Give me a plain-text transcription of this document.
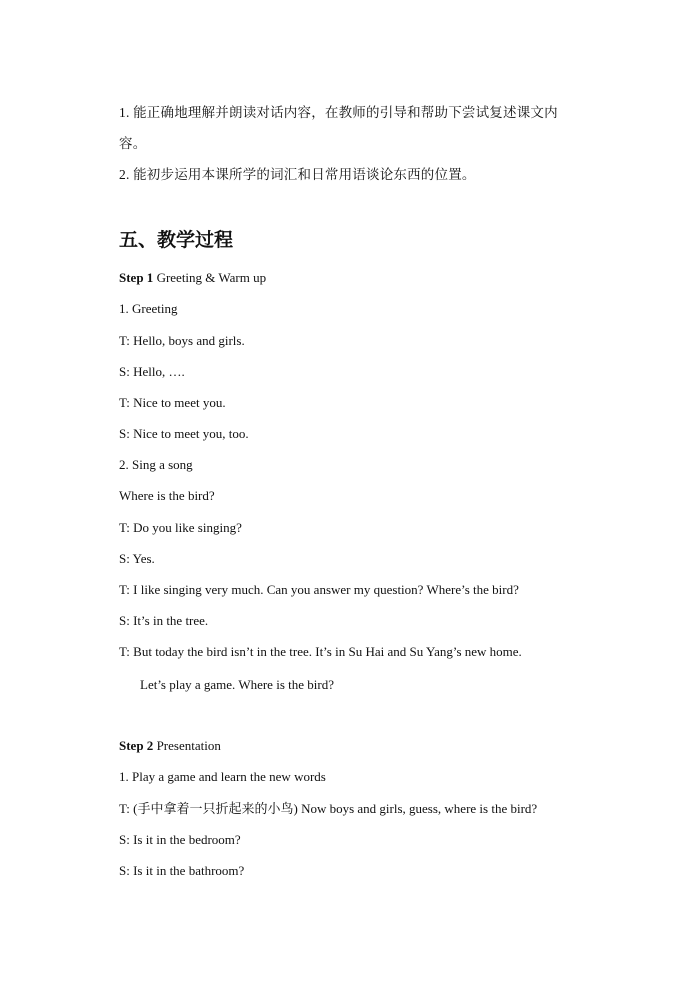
1. 能正确地理解并朗读对话内容，在教师的引导和帮助下尝试复述课文内
容。
2. 能初步运用本课所学的词汇和日常用语谈论东西的位置。
五、教学过程
Step 1 Greeting & Warm up
1. Greeting
T: Hello, boys and girls.
S: Hello, ….
T: Nice to meet you.
S: Nice to meet you, too.
2. Sing a song
Where is the bird?
T: Do you like singing?
S: Yes.
T: I like singing very much. Can you answer my question? Where’s the bird?
S: It’s in the tree.
T: But today the bird isn’t in the tree. It’s in Su Hai and Su Yang’s new home.
Let’s play a game. Where is the bird?
Step 2 Presentation
1. Play a game and learn the new words
T: (手中拿着一只折起来的小鸟) Now boys and girls, guess, where is the bird?
S: Is it in the bedroom?
S: Is it in the bathroom?
